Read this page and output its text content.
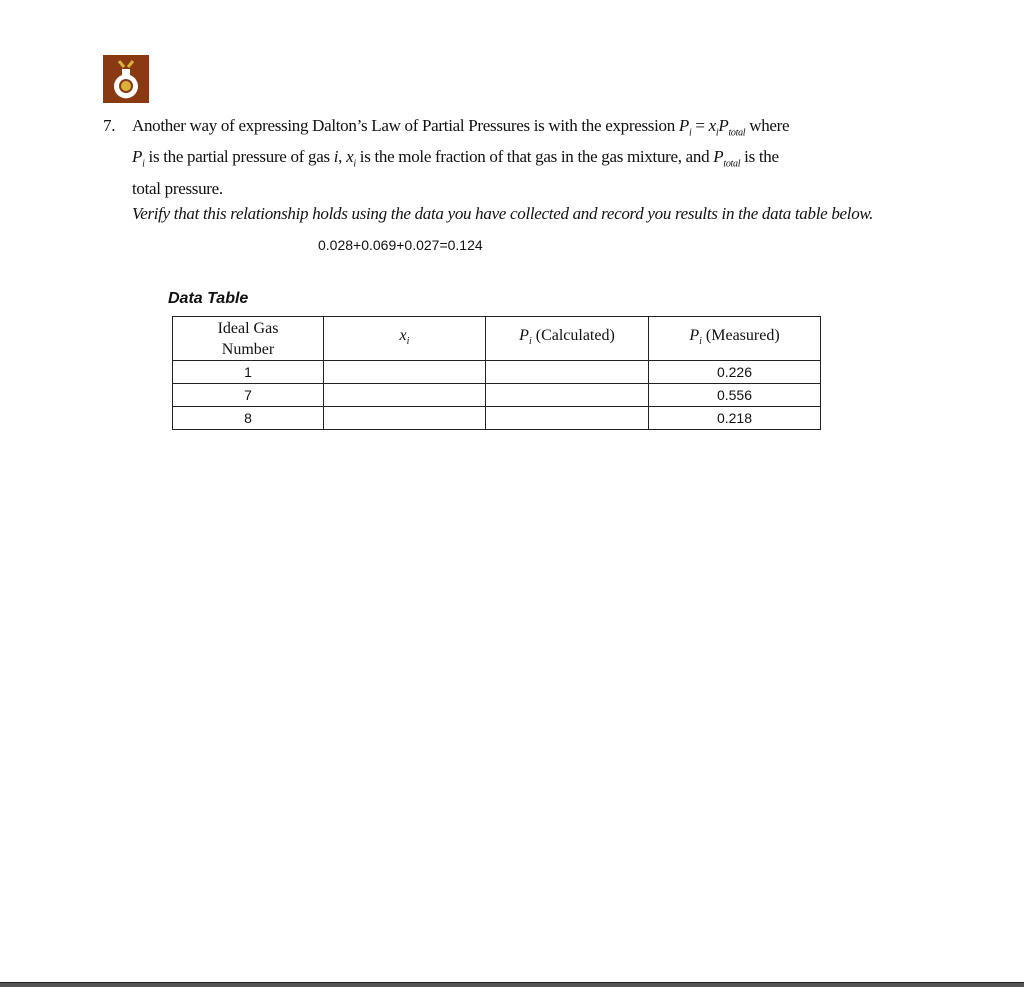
7. Another way of expressing Dalton’s Law of Partial Pressures is with the expression $P_i = x_iP_{total}$ where
$P_i$ is the partial pressure of gas i, $x_i$ is the mole fraction of that gas in the gas mixture, and $P_{total}$ is the
total pressure.
Verify that this relationship holds using the data you have collected and record you results in the data table below.
0.028+0.069+0.027=0.124
Data Table
Ideal Gas Number	$x_i$	$P_i$ (Calculated)	$P_i$ (Measured)
1			0.226
7			0.556
8			0.218
